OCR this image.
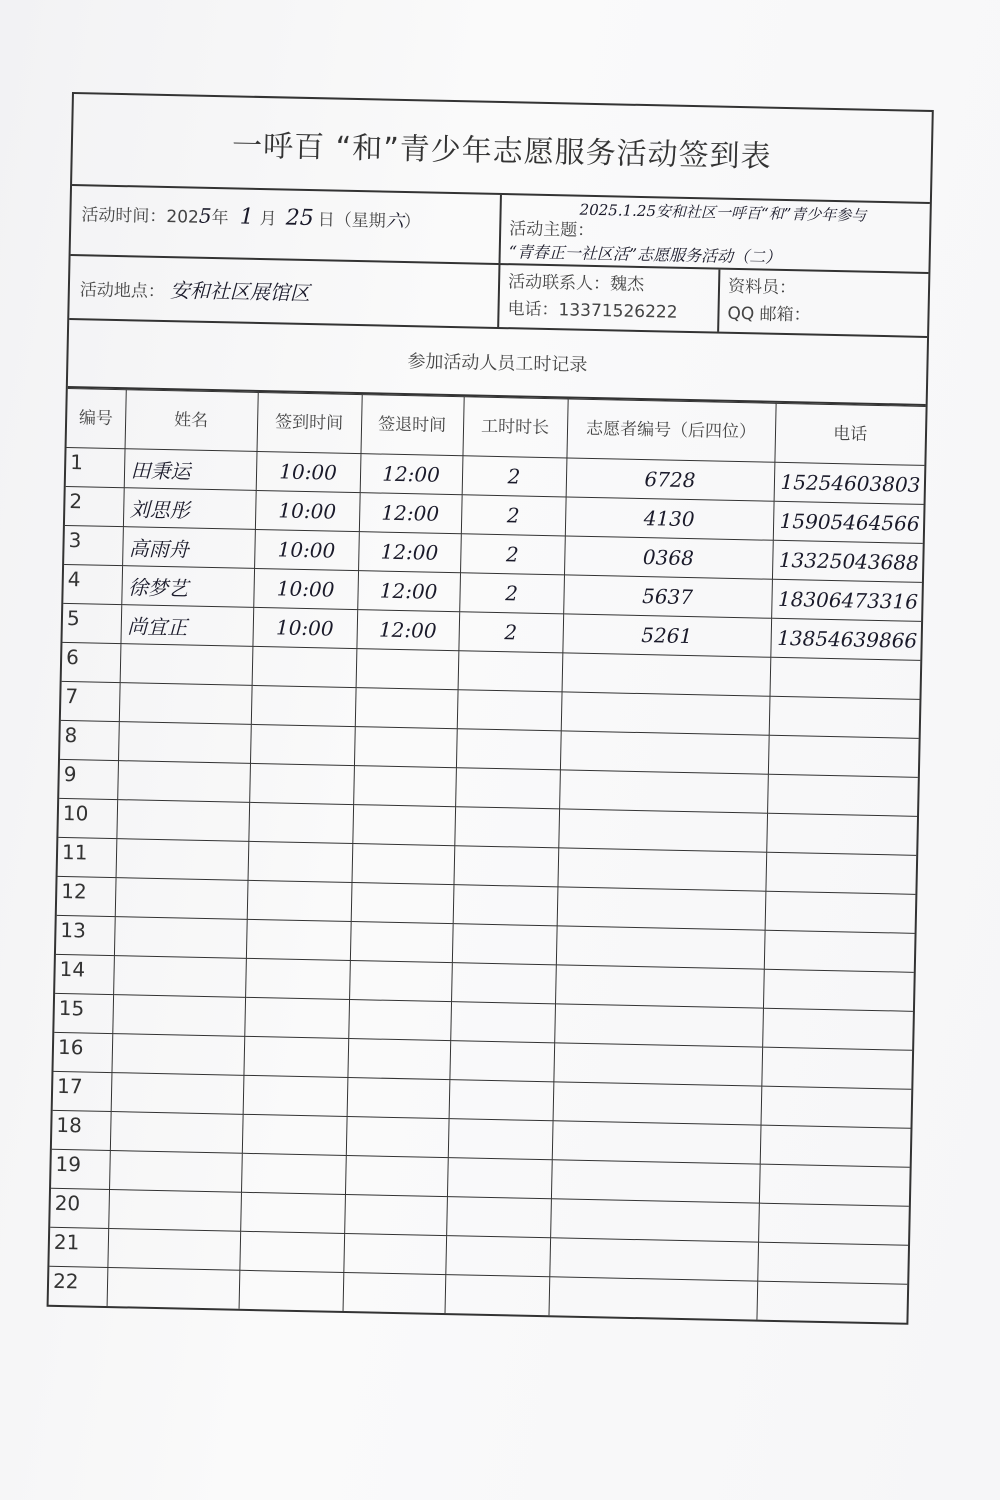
一呼百 “和”青少年志愿服务活动签到表
活动时间：2025年 1 月 25 日（星期六）	2025.1.25安和社区一呼百“和”青少年参与
活动主题：
“青春正一社区活”志愿服务活动（二）
活动地点： 安和社区展馆区	活动联系人：魏杰
电话：13371526222
资料员：
QQ 邮箱：
参加活动人员工时记录
编号	姓名	签到时间	签退时间	工时时长	志愿者编号（后四位）	电话
1	田秉运	10:00	12:00	2	6728	15254603803
2	刘思彤	10:00	12:00	2	4130	15905464566
3	高雨舟	10:00	12:00	2	0368	13325043688
4	徐梦艺	10:00	12:00	2	5637	18306473316
5	尚宜正	10:00	12:00	2	5261	13854639866
6						
7						
8						
9						
10						
11						
12						
13						
14						
15						
16						
17						
18						
19						
20						
21						
22						
